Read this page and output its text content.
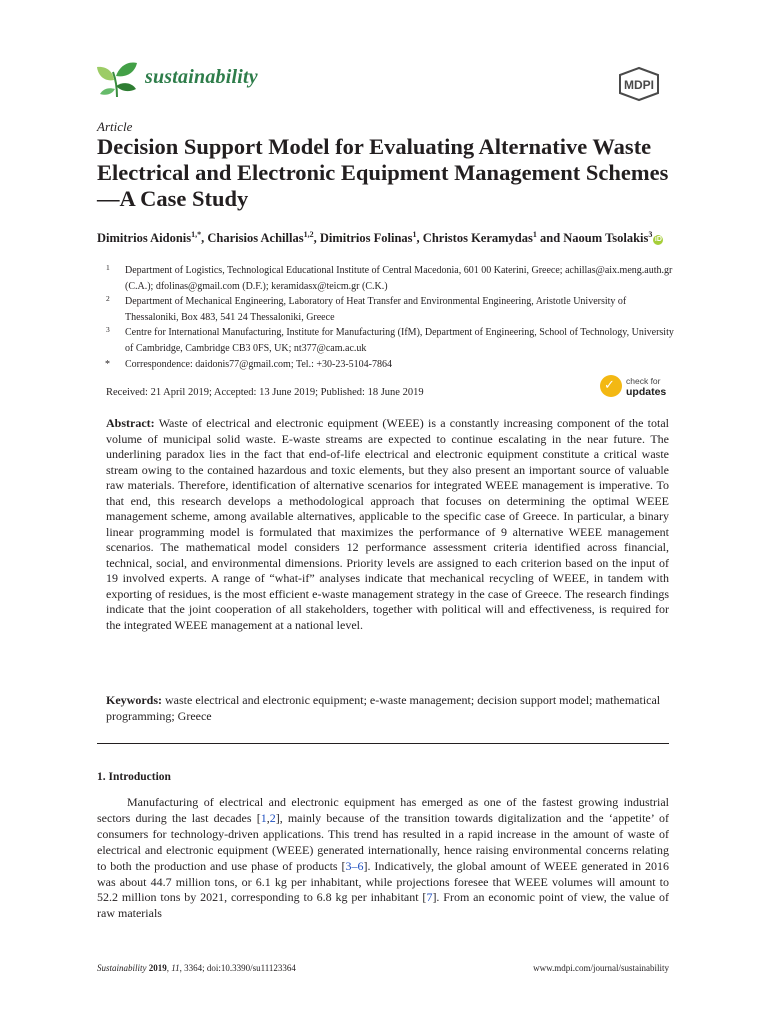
sustainability	MDPI
Article
Decision Support Model for Evaluating Alternative Waste Electrical and Electronic Equipment Management Schemes—A Case Study
Dimitrios Aidonis$^{1,*}$, Charisios Achillas$^{1,2}$, Dimitrios Folinas$^1$, Christos Keramydas$^1$ and Naoum Tsolakis$^3$iD
1 Department of Logistics, Technological Educational Institute of Central Macedonia, 601 00 Katerini, Greece; achillas@aix.meng.auth.gr (C.A.); dfolinas@gmail.com (D.F.); keramidasx@teicm.gr (C.K.)
2 Department of Mechanical Engineering, Laboratory of Heat Transfer and Environmental Engineering, Aristotle University of Thessaloniki, Box 483, 541 24 Thessaloniki, Greece
3 Centre for International Manufacturing, Institute for Manufacturing (IfM), Department of Engineering, School of Technology, University of Cambridge, Cambridge CB3 0FS, UK; nt377@cam.ac.uk
* Correspondence: daidonis77@gmail.com; Tel.: +30-23-5104-7864
Received: 21 April 2019; Accepted: 13 June 2019; Published: 18 June 2019	✓ check for
updates
Abstract: Waste of electrical and electronic equipment (WEEE) is a constantly increasing component of the total volume of municipal solid waste. E-waste streams are expected to continue escalating in the near future. The underlining paradox lies in the fact that end-of-life electrical and electronic equipment constitute a critical waste stream owing to the contained hazardous and toxic elements, but they also present an important source of valuable raw materials. Therefore, identification of alternative scenarios for integrated WEEE management is imperative. To that end, this research develops a methodological approach that focuses on determining the optimal WEEE management scheme, among available alternatives, applicable to the specific case of Greece. In particular, a binary linear programming model is formulated that maximizes the performance of 9 alternative WEEE management scenarios. The mathematical model considers 12 performance assessment criteria identified across financial, technical, social, and environmental dimensions. Priority levels are assigned to each criterion based on the input of 19 involved experts. A range of “what-if” analyses indicate that mechanical recycling of WEEE, in tandem with exporting of residues, is the most efficient e-waste management strategy in the case of Greece. The research findings indicate that the joint cooperation of all stakeholders, together with political will and effectiveness, is required for the integrated WEEE management at a national level.
Keywords: waste electrical and electronic equipment; e-waste management; decision support model; mathematical programming; Greece
1. Introduction

Manufacturing of electrical and electronic equipment has emerged as one of the fastest growing industrial sectors during the last decades [1,2], mainly because of the transition towards digitalization and the ‘appetite’ of consumers for technology-driven applications. This trend has resulted in a rapid increase in the amount of waste of electrical and electronic equipment (WEEE) generated internationally, hence raising environmental concerns relating to both the production and use phase of products [3–6]. Indicatively, the global amount of WEEE generated in 2016 was about 44.7 million tons, or 6.1 kg per inhabitant, while projections foresee that WEEE volumes will amount to 52.2 million tons by 2021, corresponding to 6.8 kg per inhabitant [7]. From an economic point of view, the value of raw materials

Sustainability 2019, 11, 3364; doi:10.3390/su11123364	www.mdpi.com/journal/sustainability
